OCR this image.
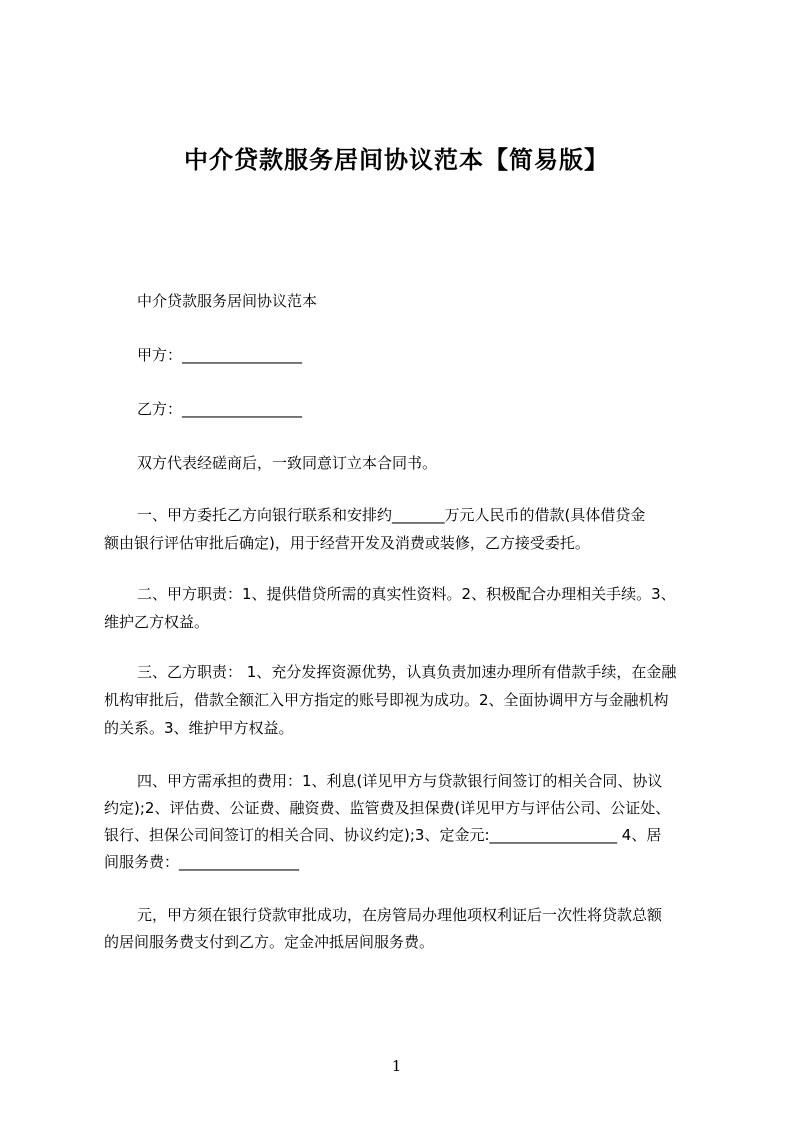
中介贷款服务居间协议范本【简易版】
中介贷款服务居间协议范本
甲方：________________
乙方：________________
双方代表经磋商后，一致同意订立本合同书。
一、甲方委托乙方向银行联系和安排约_______万元人民币的借款(具体借贷金
额由银行评估审批后确定)，用于经营开发及消费或装修，乙方接受委托。
二、甲方职责：1、提供借贷所需的真实性资料。2、积极配合办理相关手续。3、
维护乙方权益。
三、乙方职责： 1、充分发挥资源优势，认真负责加速办理所有借款手续，在金融
机构审批后，借款全额汇入甲方指定的账号即视为成功。2、全面协调甲方与金融机构
的关系。3、维护甲方权益。
四、甲方需承担的费用：1、利息(详见甲方与贷款银行间签订的相关合同、协议
约定);2、评估费、公证费、融资费、监管费及担保费(详见甲方与评估公司、公证处、
银行、担保公司间签订的相关合同、协议约定);3、定金元:_________________ 4、居
间服务费：________________
元，甲方须在银行贷款审批成功，在房管局办理他项权利证后一次性将贷款总额
的居间服务费支付到乙方。定金冲抵居间服务费。
1
